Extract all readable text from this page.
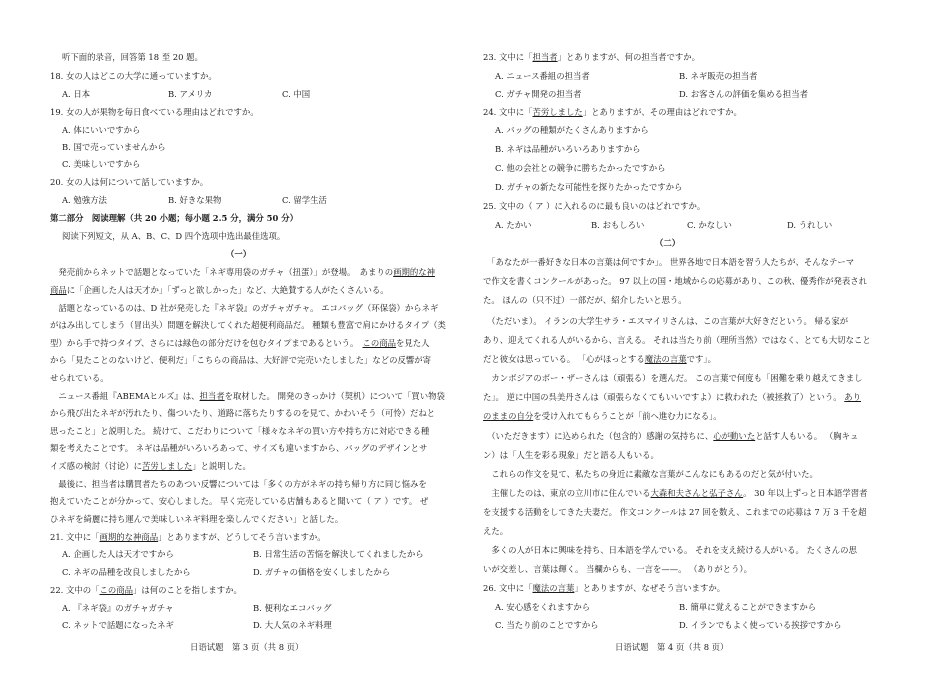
听下面的录音，回答第 18 至 20 题。
18. 女の人はどこの大学に通っていますか。
A. 日本	B. アメリカ	C. 中国
19. 女の人が果物を毎日食べている理由はどれですか。
A. 体にいいですから
B. 国で売っていませんから
C. 美味しいですから
20. 女の人は何について話していますか。
A. 勉強方法	B. 好きな果物	C. 留学生活
第二部分　阅读理解（共 20 小题；每小题 2.5 分，满分 50 分）
阅读下列短文，从 A、B、C、D 四个选项中选出最佳选项。
（一）
　発売前からネットで話題となっていた「ネギ専用袋のガチャ（扭蛋）」が登場。　あまりの画期的な神
商品に「企画した人は天才か」「ずっと欲しかった」など、大絶賛する人がたくさんいる。
　話題となっているのは、D 社が発売した『ネギ袋』のガチャガチャ。 エコバッグ（环保袋）からネギ
がはみ出してしまう（冒出头）問題を解決してくれた超便利商品だ。 種類も豊富で肩にかけるタイプ（类
型）から手で持つタイプ、さらには緑色の部分だけを包むタイプまであるという。　この商品を見た人
から「見たことのないけど、便利だ」「こちらの商品は、大好評で完売いたしました」などの反響が寄
せられている。
　ニュース番組『ABEMAヒルズ』は、担当者を取材した。 開発のきっかけ（契机）について「買い物袋
から飛び出たネギが汚れたり、傷ついたり、道路に落ちたりするのを見て、かわいそう（可怜）だねと
思ったこと」と説明した。 続けて、こだわりについて「様々なネギの買い方や持ち方に対応できる種
類を考えたことです。 ネギは品種がいろいろあって、サイズも違いますから、バッグのデザインとサ
イズ感の検討（讨论）に苦労しました」と説明した。
　最後に、担当者は購買者たちのあつい反響については「多くの方がネギの持ち帰り方に同じ悩みを
抱えていたことが分かって、安心しました。 早く完売している店舗もあると聞いて（ ア ）です。 ぜ
ひネギを綺麗に持ち運んで美味しいネギ料理を楽しんでください」と話した。
21. 文中に「画期的な神商品」とありますが、どうしてそう言いますか。
A. 企画した人は天才ですから	B. 日常生活の苦悩を解決してくれましたから
C. ネギの品種を改良しましたから	D. ガチャの価格を安くしましたから
22. 文中の「この商品」は何のことを指しますか。
A. 『ネギ袋』のガチャガチャ	B. 便利なエコバッグ
C. ネットで話題になったネギ	D. 大人気のネギ料理
日语试题　第 3 页（共 8 页）
23. 文中に「担当者」とありますが、何の担当者ですか。
A. ニュース番組の担当者	B. ネギ販売の担当者
C. ガチャ開発の担当者	D. お客さんの評価を集める担当者
24. 文中に「苦労しました」とありますが、その理由はどれですか。
A. バッグの種類がたくさんありますから
B. ネギは品種がいろいろありますから
C. 他の会社との競争に勝ちたかったですから
D. ガチャの新たな可能性を探りたかったですから
25. 文中の（ ア ）に入れるのに最も良いのはどれですか。
A. たかい	B. おもしろい	C. かなしい	D. うれしい
（二）
　「あなたが一番好きな日本の言葉は何ですか」。 世界各地で日本語を習う人たちが、そんなテーマ
で作文を書くコンクールがあった。 97 以上の国・地域からの応募があり、この秋、優秀作が発表され
た。 ほんの（只不过）一部だが、紹介したいと思う。
　（ただいま）。 イランの大学生サラ・エスマイリさんは、この言葉が大好きだという。 帰る家が
あり、迎えてくれる人がいるから、言える。 それは当たり前（理所当然）ではなく、とても大切なこと
だと彼女は思っている。 「心がほっとする魔法の言葉です」。
　カンボジアのボー・ザーさんは（頑張る）を選んだ。 この言葉で何度も「困難を乗り越えてきまし
た」。 逆に中国の呉美丹さんは（頑張らなくてもいいですよ）に救われた（被拯救了）という。 あり
のままの自分を受け入れてもらうことが「前へ進む力になる」。
　（いただきます）に込められた（包含的）感謝の気持ちに、心が動いたと話す人もいる。 （胸キュ
ン）は「人生を彩る現象」だと語る人もいる。
　これらの作文を見て、私たちの身近に素敵な言葉がこんなにもあるのだと気が付いた。
　主催したのは、東京の立川市に住んでいる大森和夫さんと弘子さん。 30 年以上ずっと日本語学習者
を支援する活動をしてきた夫妻だ。 作文コンクールは 27 回を数え、これまでの応募は 7 万 3 千を超
えた。
　多くの人が日本に興味を持ち、日本語を学んでいる。 それを支え続ける人がいる。 たくさんの思
いが交差し、言葉は輝く。 当欄からも、一言を——。 （ありがとう）。
26. 文中に「魔法の言葉」とありますが、なぜそう言いますか。
A. 安心感をくれますから	B. 簡単に覚えることができますから
C. 当たり前のことですから	D. イランでもよく使っている挨拶ですから
日语试题　第 4 页（共 8 页）
